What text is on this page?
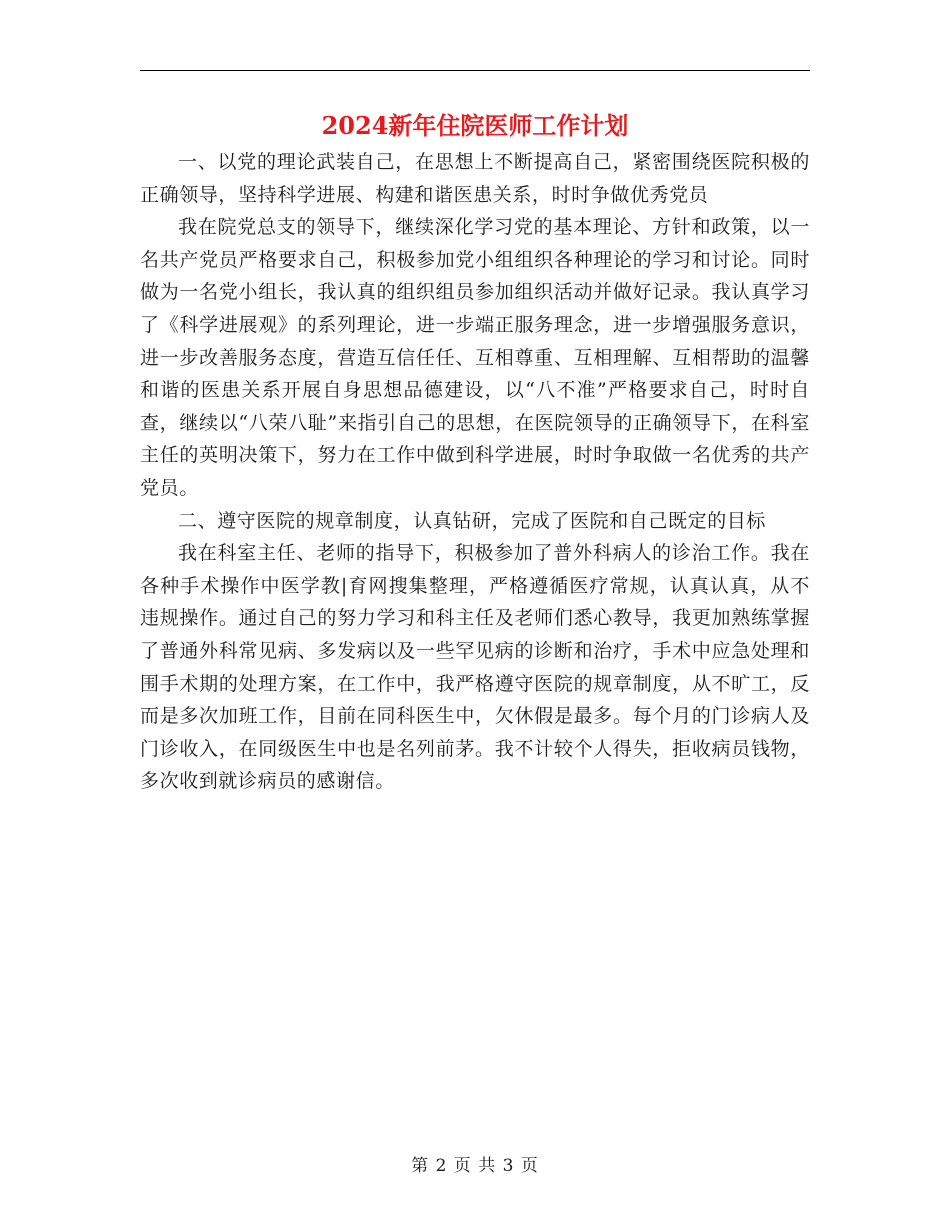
2024新年住院医师工作计划

一、以党的理论武装自己，在思想上不断提高自己，紧密围绕医院积极的正确领导，坚持科学进展、构建和谐医患关系，时时争做优秀党员

我在院党总支的领导下，继续深化学习党的基本理论、方针和政策，以一名共产党员严格要求自己，积极参加党小组组织各种理论的学习和讨论。同时做为一名党小组长，我认真的组织组员参加组织活动并做好记录。我认真学习了《科学进展观》的系列理论，进一步端正服务理念，进一步增强服务意识，进一步改善服务态度，营造互信任任、互相尊重、互相理解、互相帮助的温馨和谐的医患关系开展自身思想品德建设，以“八不准”严格要求自己，时时自查，继续以“八荣八耻”来指引自己的思想，在医院领导的正确领导下，在科室主任的英明决策下，努力在工作中做到科学进展，时时争取做一名优秀的共产党员。

二、遵守医院的规章制度，认真钻研，完成了医院和自己既定的目标

我在科室主任、老师的指导下，积极参加了普外科病人的诊治工作。我在各种手术操作中医学教|育网搜集整理，严格遵循医疗常规，认真认真，从不违规操作。通过自己的努力学习和科主任及老师们悉心教导，我更加熟练掌握了普通外科常见病、多发病以及一些罕见病的诊断和治疗，手术中应急处理和围手术期的处理方案，在工作中，我严格遵守医院的规章制度，从不旷工，反而是多次加班工作，目前在同科医生中，欠休假是最多。每个月的门诊病人及门诊收入，在同级医生中也是名列前茅。我不计较个人得失，拒收病员钱物，多次收到就诊病员的感谢信。

第 2 页 共 3 页
